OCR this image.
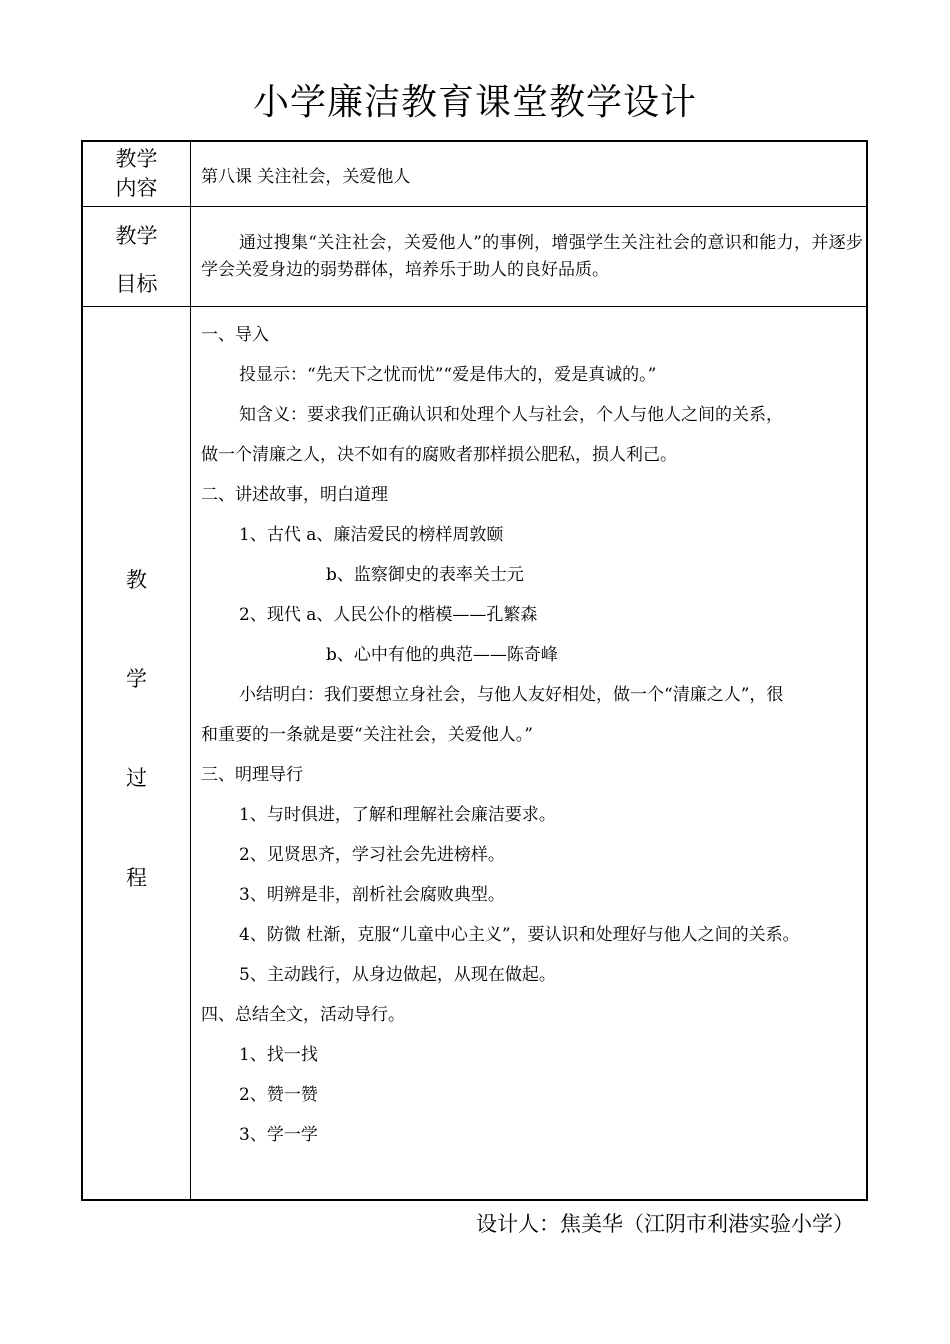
小学廉洁教育课堂教学设计
教学
内容	第八课 关注社会，关爱他人
教学
目标
通过搜集“关注社会，关爱他人”的事例，增强学生关注社会的意识和能力，并逐步学会关爱身边的弱势群体，培养乐于助人的良好品质。
教
学
过
程
一、导入
投显示：“先天下之忧而忧”“爱是伟大的，爱是真诚的。”
知含义：要求我们正确认识和处理个人与社会，个人与他人之间的关系，
做一个清廉之人，决不如有的腐败者那样损公肥私，损人利己。
二、讲述故事，明白道理
1、古代 a、廉洁爱民的榜样周敦颐
b、监察御史的表率关士元
2、现代 a、人民公仆的楷模——孔繁森
b、心中有他的典范——陈奇峰
小结明白：我们要想立身社会，与他人友好相处，做一个“清廉之人”，很
和重要的一条就是要“关注社会，关爱他人。”
三、明理导行
1、与时俱进，了解和理解社会廉洁要求。
2、见贤思齐，学习社会先进榜样。
3、明辨是非，剖析社会腐败典型。
4、防微 杜渐，克服“儿童中心主义”，要认识和处理好与他人之间的关系。
5、主动践行，从身边做起，从现在做起。
四、总结全文，活动导行。
1、找一找
2、赞一赞
3、学一学
设计人：焦美华（江阴市利港实验小学）
